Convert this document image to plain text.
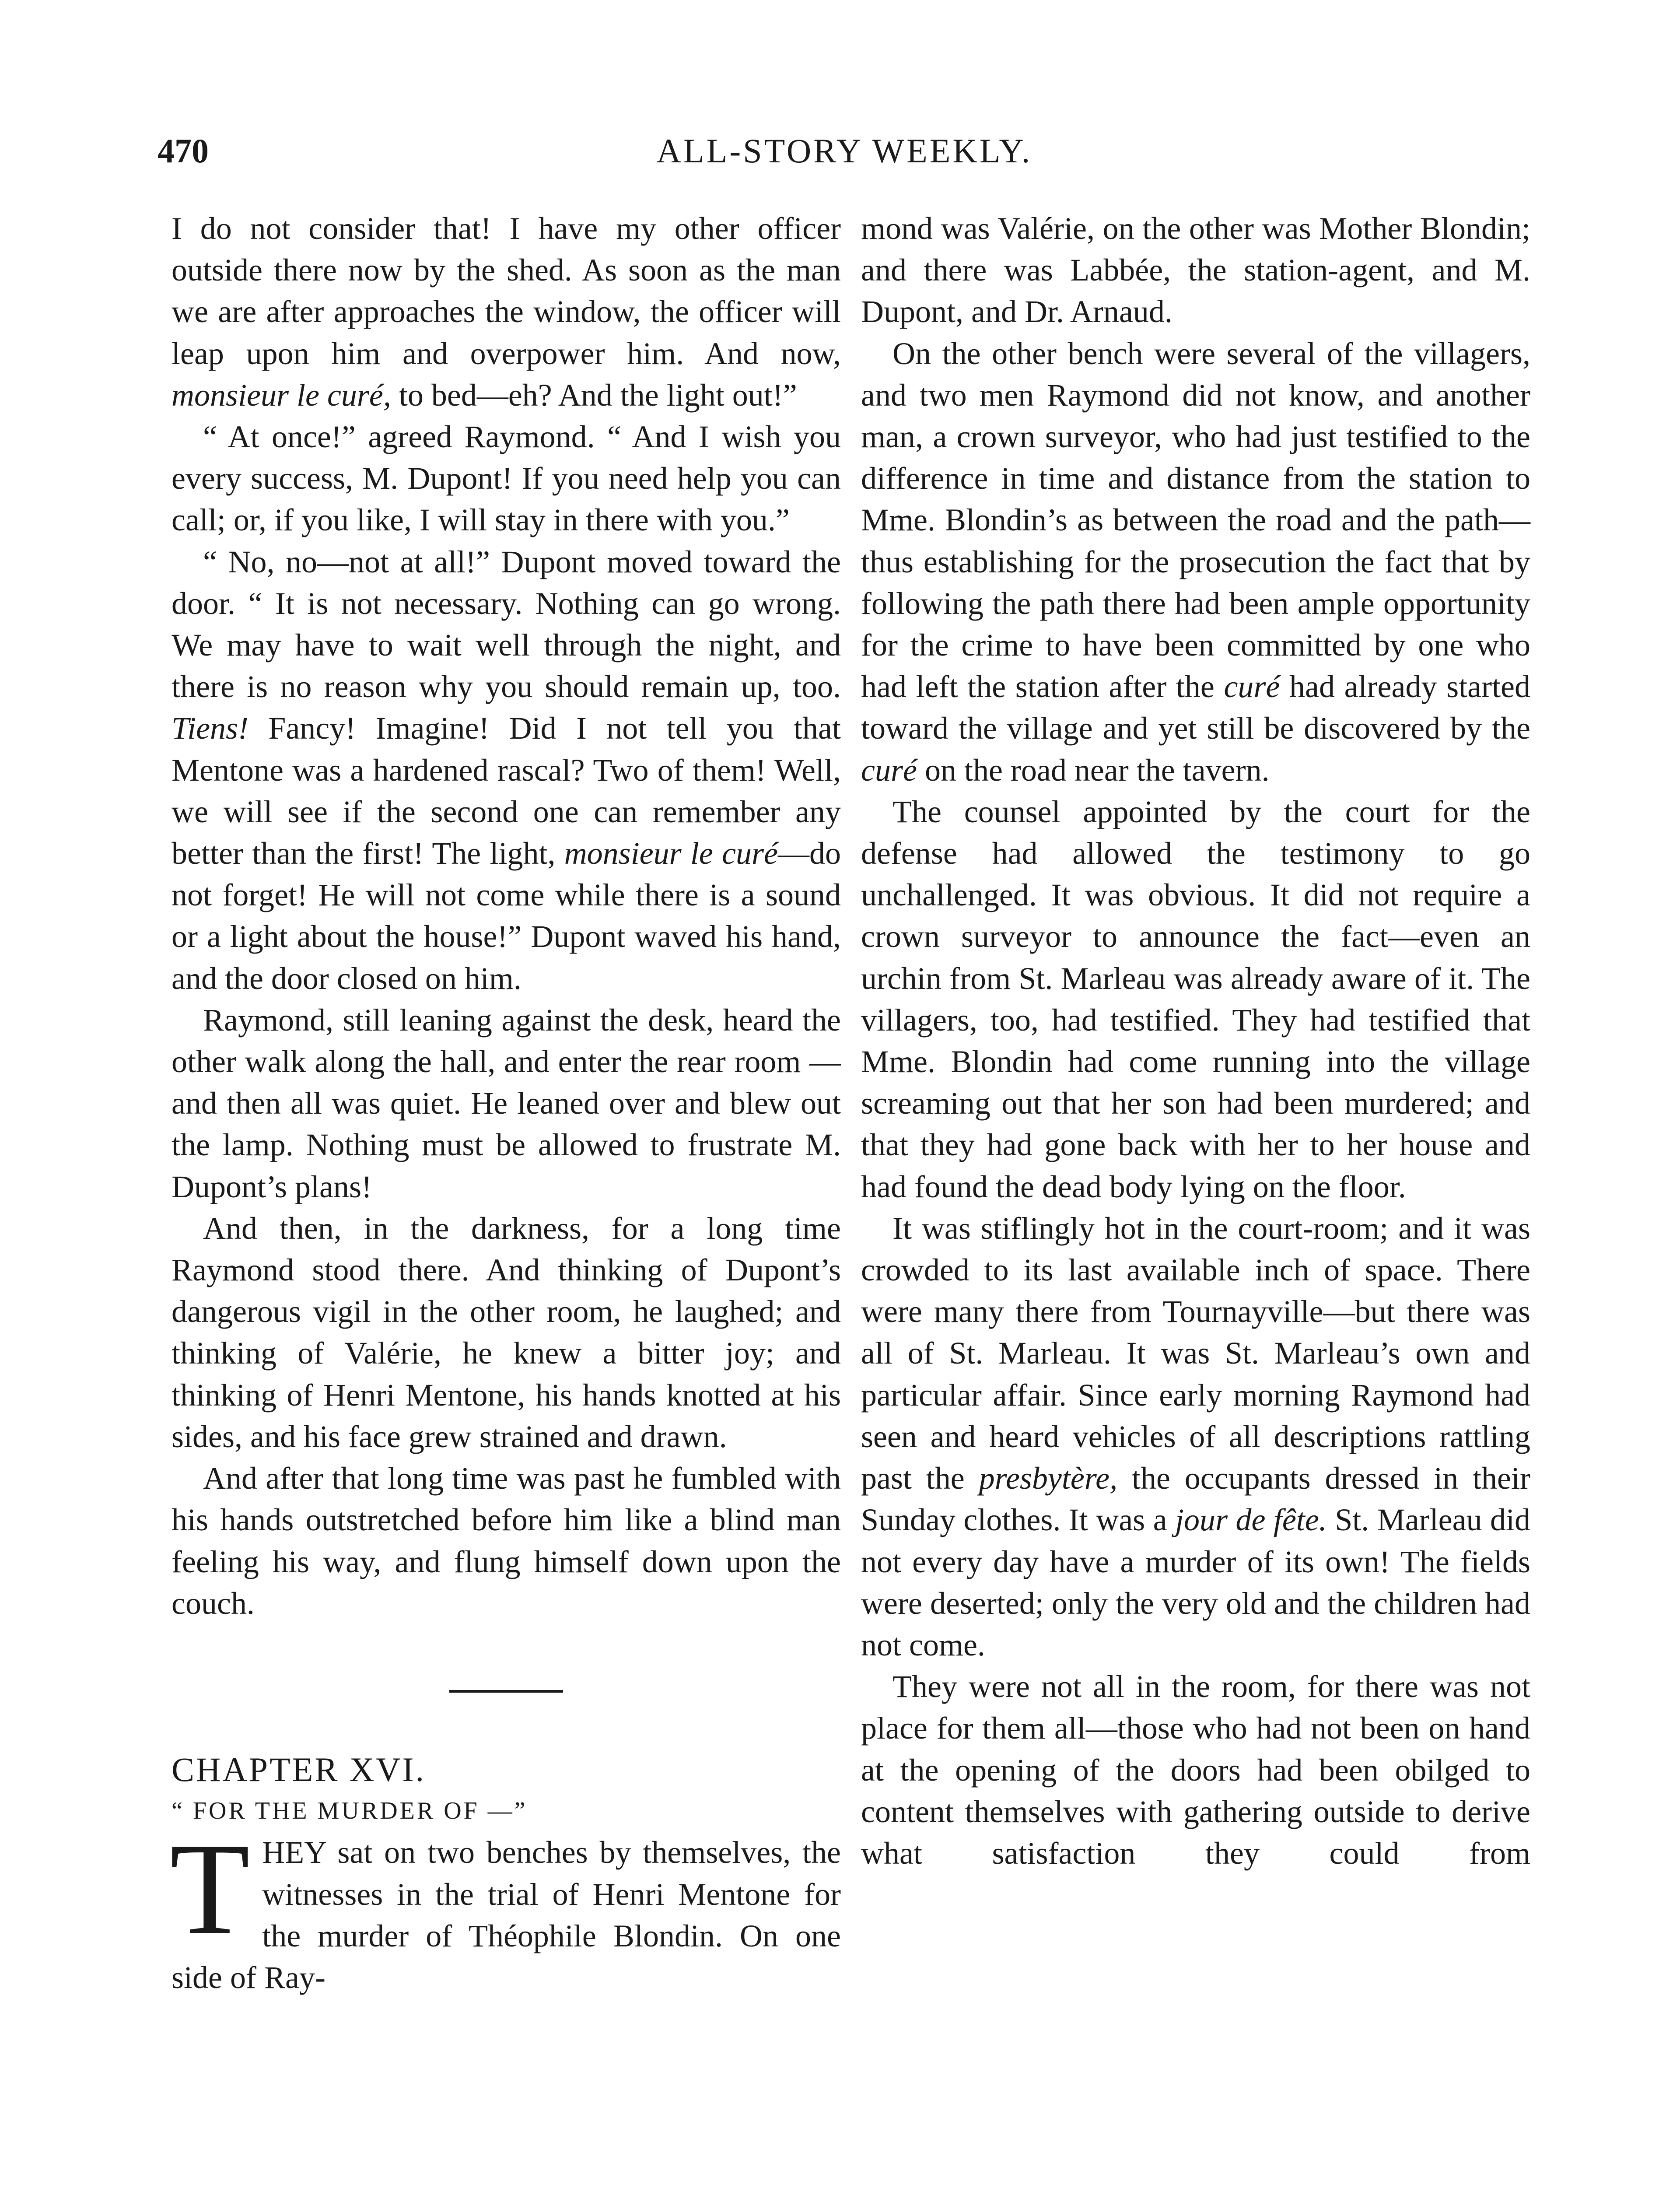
470	ALL-STORY WEEKLY.

I do not consider that! I have my other officer outside there now by the shed. As soon as the man we are after approaches the window, the officer will leap upon him and overpower him. And now, monsieur le curé, to bed—eh? And the light out!”

“ At once!” agreed Raymond. “ And I wish you every success, M. Dupont! If you need help you can call; or, if you like, I will stay in there with you.”

“ No, no—not at all!” Dupont moved toward the door. “ It is not necessary. Nothing can go wrong. We may have to wait well through the night, and there is no reason why you should remain up, too. Tiens! Fancy! Imagine! Did I not tell you that Mentone was a hardened rascal? Two of them! Well, we will see if the second one can remember any better than the first! The light, monsieur le curé—do not forget! He will not come while there is a sound or a light about the house!” Dupont waved his hand, and the door closed on him.

Raymond, still leaning against the desk, heard the other walk along the hall, and enter the rear room — and then all was quiet. He leaned over and blew out the lamp. Nothing must be allowed to frustrate M. Dupont’s plans!

And then, in the darkness, for a long time Raymond stood there. And thinking of Dupont’s dangerous vigil in the other room, he laughed; and thinking of Valérie, he knew a bitter joy; and thinking of Henri Mentone, his hands knotted at his sides, and his face grew strained and drawn.

And after that long time was past he fumbled with his hands outstretched before him like a blind man feeling his way, and flung himself down upon the couch.

CHAPTER XVI.

“ FOR THE MURDER OF —”

THEY sat on two benches by themselves, the witnesses in the trial of Henri Mentone for the murder of Théophile Blondin. On one side of Ray-

mond was Valérie, on the other was Mother Blondin; and there was Labbée, the station-agent, and M. Dupont, and Dr. Arnaud.

On the other bench were several of the villagers, and two men Raymond did not know, and another man, a crown surveyor, who had just testified to the difference in time and distance from the station to Mme. Blondin’s as between the road and the path—thus establishing for the prosecution the fact that by following the path there had been ample opportunity for the crime to have been committed by one who had left the station after the curé had already started toward the village and yet still be discovered by the curé on the road near the tavern.

The counsel appointed by the court for the defense had allowed the testimony to go unchallenged. It was obvious. It did not require a crown surveyor to announce the fact—even an urchin from St. Marleau was already aware of it. The villagers, too, had testified. They had testified that Mme. Blondin had come running into the village screaming out that her son had been murdered; and that they had gone back with her to her house and had found the dead body lying on the floor.

It was stiflingly hot in the court-room; and it was crowded to its last available inch of space. There were many there from Tournayville—but there was all of St. Marleau. It was St. Marleau’s own and particular affair. Since early morning Raymond had seen and heard vehicles of all descriptions rattling past the presbytère, the occupants dressed in their Sunday clothes. It was a jour de fête. St. Marleau did not every day have a murder of its own! The fields were deserted; only the very old and the children had not come.

They were not all in the room, for there was not place for them all—those who had not been on hand at the opening of the doors had been obilged to content themselves with gathering outside to derive what satisfaction they could from
